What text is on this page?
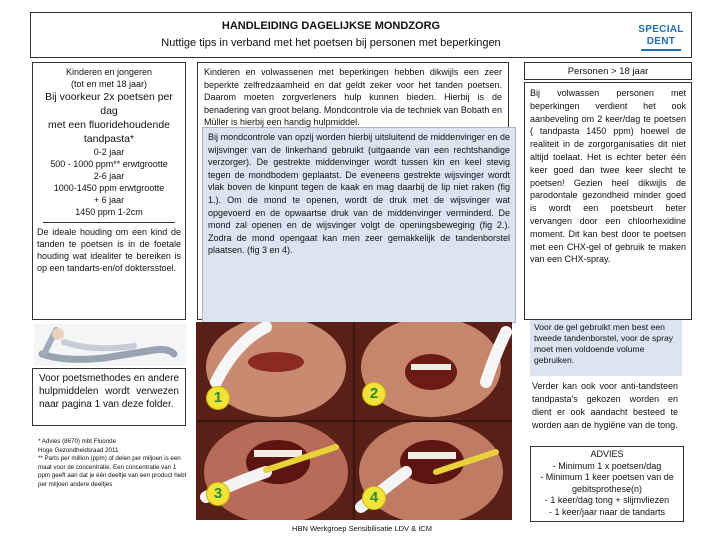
HANDLEIDING DAGELIJKSE MONDZORG
Nuttige tips in verband met het poetsen bij personen met beperkingen
SPECIAL
DENT

Kinderen en jongeren

(tot en met 18 jaar)

Bij voorkeur 2x poetsen per dag

met een fluoridehoudende tandpasta*

0-2 jaar

500 - 1000 ppm** erwtgrootte

2-6 jaar

1000-1450 ppm erwtgrootte

+ 6 jaar

1450 ppm 1-2cm

De ideale houding om een kind de tanden te poetsen is in de foetale houding wat idealiter te bereiken is op een tandarts-en/of doktersstoel.

Voor poetsmethodes en andere hulpmiddelen wordt verwezen naar pagina 1 van deze folder.
* Advies (8670) mbt Fluoride
Hoge Gezondheidsraad 2011
** Parts per million (ppm) of delen per miljoen is een maat voor de concentratie. Een concentratie van 1 ppm geeft aan dat je één deeltje van een product hebt per miljoen andere deeltjes

Kinderen en volwassenen met beperkingen hebben dikwijls een zeer beperkte zelfredzaamheid en dat geldt zeker voor het tanden poetsen. Daarom moeten zorgverleners hulp kunnen bieden. Hierbij is de benadering van groot belang. Mondcontrole via de techniek van Bobath en Müller is hierbij een handig hulpmiddel.

Bij mondcontrole van opzij worden hierbij uitsluitend de middenvinger en de wijsvinger van de linkerhand gebruikt (uitgaande van een rechtshandige verzorger). De gestrekte middenvinger wordt tussen kin en keel stevig tegen de mondbodem geplaatst. De eveneens gestrekte wijsvinger wordt vlak boven de kinpunt tegen de kaak en mag daarbij de lip niet raken (fig 1.). Om de mond te openen, wordt de druk met de wijsvinger wat opgevoerd en de opwaartse druk van de middenvinger verminderd. De mond zal openen en de wijsvinger volgt de openingsbeweging (fig 2.). Zodra de mond opengaat kan men zeer gemakkelijk de tandenborstel plaatsen. (fig 3 en 4).
1	2
3	4
HBN Werkgroep Sensibilisatie LDV & ICM
Personen > 18 jaar
Bij volwassen personen met beperkingen verdient het ook aanbeveling om 2 keer/dag te poetsen ( tandpasta 1450 ppm) hoewel de realiteit in de zorgorganisaties dit niet altijd toelaat. Het is echter beter één keer goed dan twee keer slecht te poetsen! Gezien heel dikwijls de parodontale gezondheid minder goed is wordt een poetsbeurt beter vervangen door een chloorhexidine moment. Dit kan best door te poetsen met een CHX-gel of gebruik te maken van een CHX-spray.
Voor de gel gebruikt men best een tweede tandenborstel, voor de spray moet men voldoende volume gebruiken.
Verder kan ook voor anti-tandsteen tandpasta's gekozen worden en dient er ook aandacht besteed te worden aan de hygiëne van de tong.
ADVIES
- Minimum 1 x poetsen/dag
- Minimum 1 keer poetsen van de gebitsprothese(n)
- 1 keer/dag tong + slijmvliezen
- 1 keer/jaar naar de tandarts
